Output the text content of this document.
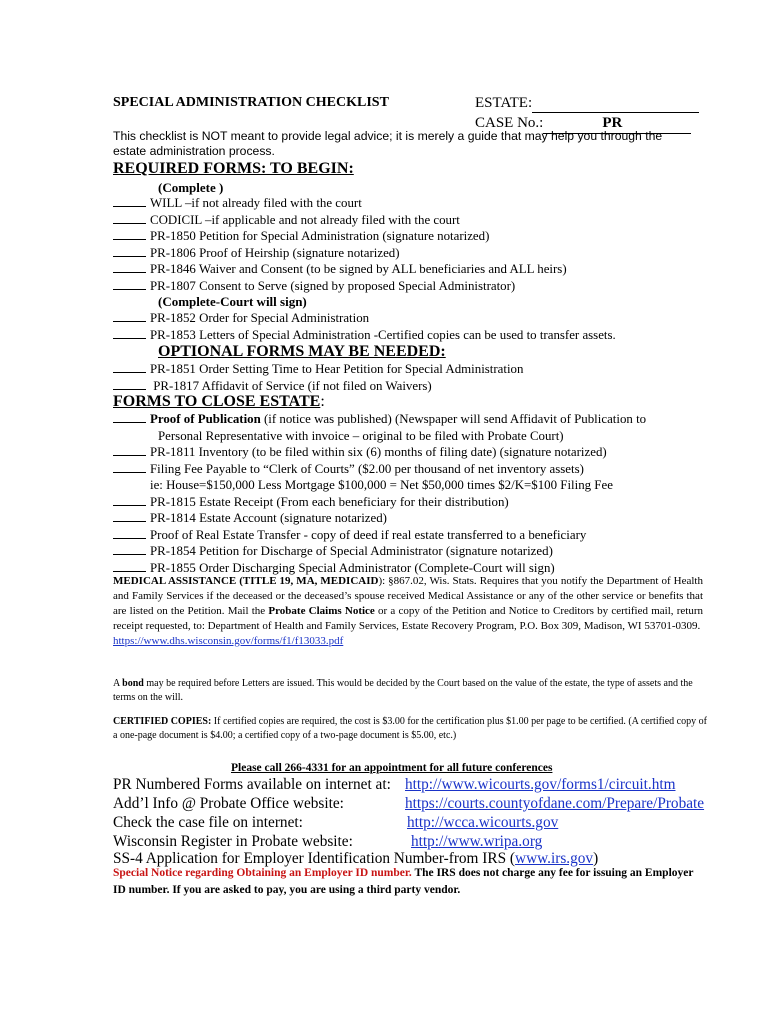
SPECIAL ADMINISTRATION CHECKLIST	ESTATE:
CASE No.:	PR
This checklist is NOT meant to provide legal advice; it is merely a guide that may help you through the estate administration process.
REQUIRED FORMS: TO BEGIN:
(Complete )
WILL –if not already filed with the court
CODICIL –if applicable and not already filed with the court
PR-1850 Petition for Special Administration (signature notarized)
PR-1806 Proof of Heirship (signature notarized)
PR-1846 Waiver and Consent (to be signed by ALL beneficiaries and ALL heirs)
PR-1807 Consent to Serve (signed by proposed Special Administrator)
(Complete-Court will sign)
PR-1852 Order for Special Administration
PR-1853 Letters of Special Administration -Certified copies can be used to transfer assets.
OPTIONAL FORMS MAY BE NEEDED:
PR-1851 Order Setting Time to Hear Petition for Special Administration
PR-1817 Affidavit of Service (if not filed on Waivers)
FORMS TO CLOSE ESTATE:
Proof of Publication (if notice was published) (Newspaper will send Affidavit of Publication to
Personal Representative with invoice – original to be filed with Probate Court)
PR-1811 Inventory (to be filed within six (6) months of filing date) (signature notarized)
Filing Fee Payable to “Clerk of Courts” ($2.00 per thousand of net inventory assets)
ie: House=$150,000 Less Mortgage $100,000 = Net $50,000 times $2/K=$100 Filing Fee
PR-1815 Estate Receipt (From each beneficiary for their distribution)
PR-1814 Estate Account (signature notarized)
Proof of Real Estate Transfer - copy of deed if real estate transferred to a beneficiary
PR-1854 Petition for Discharge of Special Administrator (signature notarized)
PR-1855 Order Discharging Special Administrator (Complete-Court will sign)
MEDICAL ASSISTANCE (TITLE 19, MA, MEDICAID): §867.02, Wis. Stats. Requires that you notify the Department of Health and Family Services if the deceased or the deceased’s spouse received Medical Assistance or any of the other service or benefits that are listed on the Petition. Mail the Probate Claims Notice or a copy of the Petition and Notice to Creditors by certified mail, return receipt requested, to: Department of Health and Family Services, Estate Recovery Program, P.O. Box 309, Madison, WI 53701-0309.
https://www.dhs.wisconsin.gov/forms/f1/f13033.pdf
A bond may be required before Letters are issued. This would be decided by the Court based on the value of the estate, the type of assets and the terms on the will.
CERTIFIED COPIES: If certified copies are required, the cost is $3.00 for the certification plus $1.00 per page to be certified. (A certified copy of a one-page document is $4.00; a certified copy of a two-page document is $5.00, etc.)
Please call 266-4331 for an appointment for all future conferences
PR Numbered Forms available on internet at: http://www.wicourts.gov/forms1/circuit.htm
Add’l Info @ Probate Office website:	https://courts.countyofdane.com/Prepare/Probate
Check the case file on internet:	http://wcca.wicourts.gov
Wisconsin Register in Probate website:	http://www.wripa.org
SS-4 Application for Employer Identification Number-from IRS (www.irs.gov)
Special Notice regarding Obtaining an Employer ID number. The IRS does not charge any fee for issuing an Employer ID number. If you are asked to pay, you are using a third party vendor.
